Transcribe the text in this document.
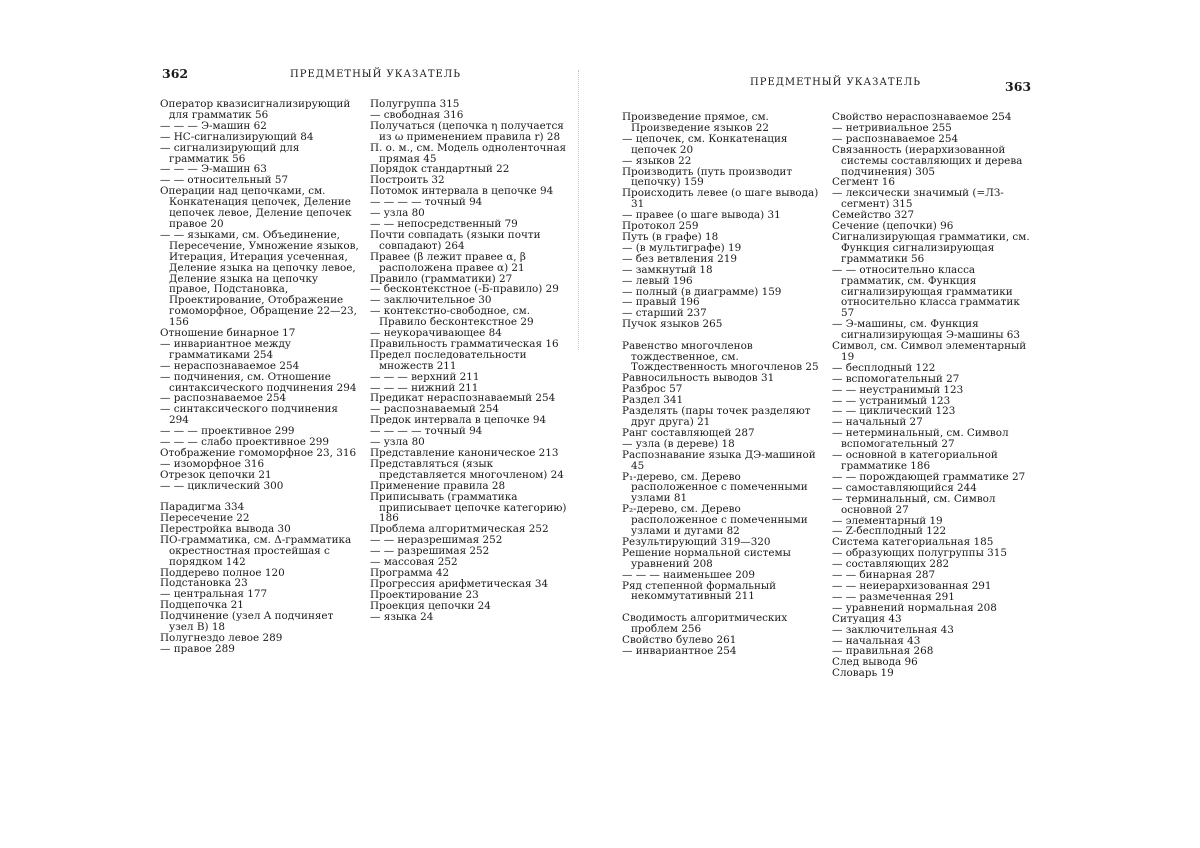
362	ПРЕДМЕТНЫЙ УКАЗАТЕЛЬ

Оператор квазисигнализирующий для грамматик 56

— — — Э-машин 62

— НС-сигнализирующий 84

— сигнализирующий для грамматик 56

— — — Э-машин 63

— — относительный 57

Операции над цепочками, см. Конкатенация цепочек, Деление цепочек левое, Деление цепочек правое 20

— — языками, см. Объединение, Пересечение, Умножение языков, Итерация, Итерация усеченная, Деление языка на цепочку левое, Деление языка на цепочку правое, Подстановка, Проектирование, Отображение гомоморфное, Обращение 22—23, 156

Отношение бинарное 17

— инвариантное между грамматиками 254

— нераспознаваемое 254

— подчинения, см. Отношение синтаксического подчинения 294

— распознаваемое 254

— синтаксического подчинения 294

— — — проективное 299

— — — слабо проективное 299

Отображение гомоморфное 23, 316

— изоморфное 316

Отрезок цепочки 21

— — циклический 300

Парадигма 334

Пересечение 22

Перестройка вывода 30

ПО-грамматика, см. Δ-грамматика окрестностная простейшая с порядком 142

Поддерево полное 120

Подстановка 23

— центральная 177

Подцепочка 21

Подчинение (узел A подчиняет узел B) 18

Полугнездо левое 289

— правое 289

Полугруппа 315

— свободная 316

Получаться (цепочка η получается из ω применением правила r) 28

П. о. м., см. Модель одноленточная прямая 45

Порядок стандартный 22

Построить 32

Потомок интервала в цепочке 94

— — — — точный 94

— узла 80

— — непосредственный 79

Почти совпадать (языки почти совпадают) 264

Правее (β лежит правее α, β расположена правее α) 21

Правило (грамматики) 27

— бесконтекстное (-Б-правило) 29

— заключительное 30

— контекстно-свободное, см. Правило бесконтекстное 29

— неукорачивающее 84

Правильность грамматическая 16

Предел последовательности множеств 211

— — — верхний 211

— — — нижний 211

Предикат нераспознаваемый 254

— распознаваемый 254

Предок интервала в цепочке 94

— — — — точный 94

— узла 80

Представление каноническое 213

Представляться (язык представляется многочленом) 24

Применение правила 28

Приписывать (грамматика приписывает цепочке категорию) 186

Проблема алгоритмическая 252

— — неразрешимая 252

— — разрешимая 252

— массовая 252

Программа 42

Прогрессия арифметическая 34

Проектирование 23

Проекция цепочки 24

— языка 24

ПРЕДМЕТНЫЙ УКАЗАТЕЛЬ	363

Произведение прямое, см. Произведение языков 22

— цепочек, см. Конкатенация цепочек 20

— языков 22

Производить (путь производит цепочку) 159

Происходить левее (о шаге вывода) 31

— правее (о шаге вывода) 31

Протокол 259

Путь (в графе) 18

— (в мультиграфе) 19

— без ветвления 219

— замкнутый 18

— левый 196

— полный (в диаграмме) 159

— правый 196

— старший 237

Пучок языков 265

Равенство многочленов тождественное, см. Тождественность многочленов 25

Равносильность выводов 31

Разброс 57

Раздел 341

Разделять (пары точек разделяют друг друга) 21

Ранг составляющей 287

— узла (в дереве) 18

Распознавание языка ДЭ-машиной 45

P₁-дерево, см. Дерево расположенное с помеченными узлами 81

P₂-дерево, см. Дерево расположенное с помеченными узлами и дугами 82

Результирующий 319—320

Решение нормальной системы уравнений 208

— — — наименьшее 209

Ряд степенной формальный некоммутативный 211

Сводимость алгоритмических проблем 256

Свойство булево 261

— инвариантное 254

Свойство нераспознаваемое 254

— нетривиальное 255

— распознаваемое 254

Связанность (иерархизованной системы составляющих и дерева подчинения) 305

Сегмент 16

— лексически значимый (=ЛЗ-сегмент) 315

Семейство 327

Сечение (цепочки) 96

Сигнализирующая грамматики, см. Функция сигнализирующая грамматики 56

— — относительно класса грамматик, см. Функция сигнализирующая грамматики относительно класса грамматик 57

— Э-машины, см. Функция сигнализирующая Э-машины 63

Символ, см. Символ элементарный 19

— бесплодный 122

— вспомогательный 27

— — неустранимый 123

— — устранимый 123

— — циклический 123

— начальный 27

— нетерминальный, см. Символ вспомогательный 27

— основной в категориальной грамматике 186

— — порождающей грамматике 27

— самоставляющийся 244

— терминальный, см. Символ основной 27

— элементарный 19

— Z-бесплодный 122

Система категориальная 185

— образующих полугруппы 315

— составляющих 282

— — бинарная 287

— — неиерархизованная 291

— — размеченная 291

— уравнений нормальная 208

Ситуация 43

— заключительная 43

— начальная 43

— правильная 268

След вывода 96

Словарь 19
